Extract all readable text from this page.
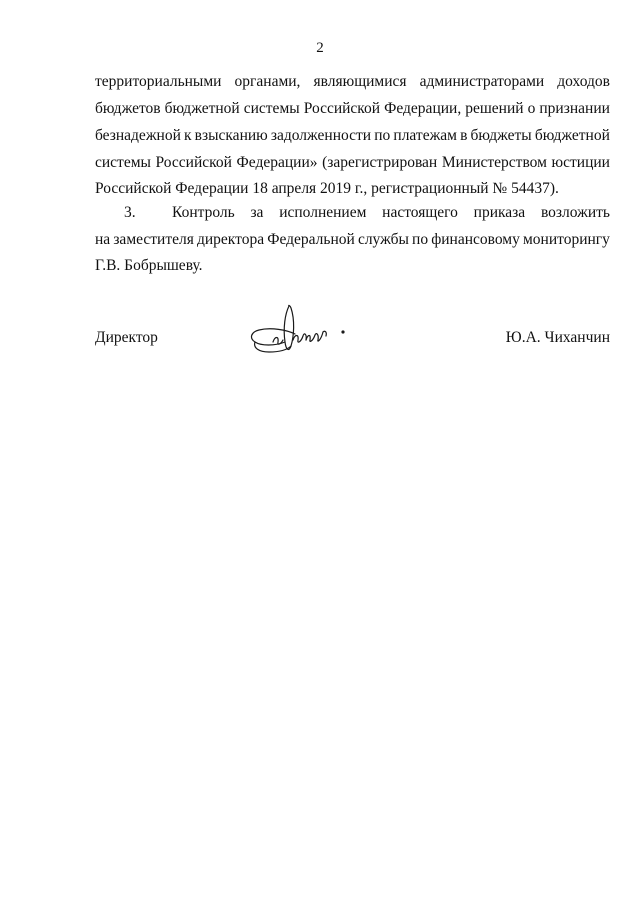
2
территориальными органами, являющимися администраторами доходов
бюджетов бюджетной системы Российской Федерации, решений о признании
безнадежной к взысканию задолженности по платежам в бюджеты бюджетной
системы Российской Федерации» (зарегистрирован Министерством юстиции
Российской Федерации 18 апреля 2019 г., регистрационный № 54437).
3. Контроль за исполнением настоящего приказа возложить
на заместителя директора Федеральной службы по финансовому мониторингу
Г.В. Бобрышеву.
Директор	Ю.А. Чиханчин
